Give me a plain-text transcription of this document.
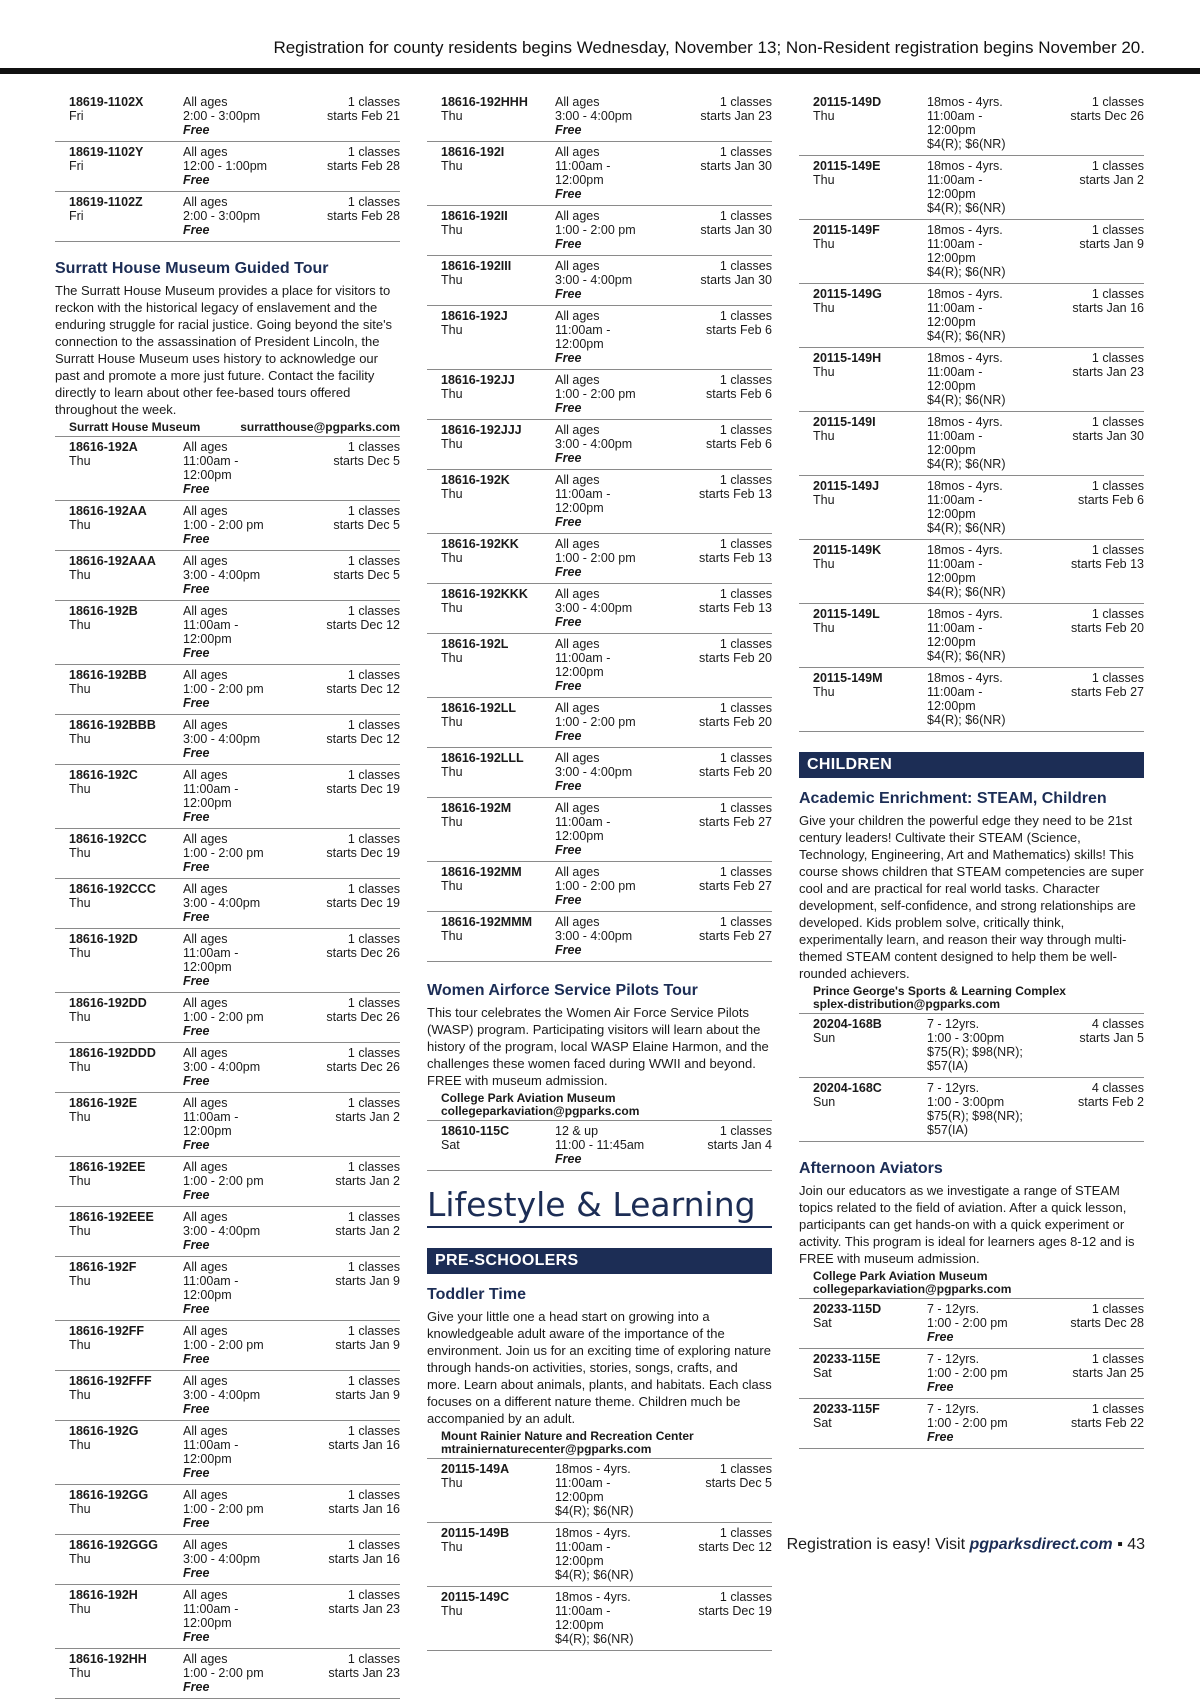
Registration for county residents begins Wednesday, November 13; Non-Resident registration begins November 20.
18619-1102X
Fri
All ages
2:00 - 3:00pm
Free
1 classes
starts Feb 21
18619-1102Y
Fri
All ages
12:00 - 1:00pm
Free
1 classes
starts Feb 28
18619-1102Z
Fri
All ages
2:00 - 3:00pm
Free
1 classes
starts Feb 28
Surratt House Museum Guided Tour
The Surratt House Museum provides a place for visitors to reckon with the historical legacy of enslavement and the enduring struggle for racial justice. Going beyond the site's connection to the assassination of President Lincoln, the Surratt House Museum uses history to acknowledge our past and promote a more just future. Contact the facility directly to learn about other fee-based tours offered throughout the week.
Surratt House Museum	surratthouse@pgparks.com
18616-192A
Thu
All ages
11:00am - 12:00pm
Free
1 classes
starts Dec 5
18616-192AA
Thu
All ages
1:00 - 2:00 pm
Free
1 classes
starts Dec 5
18616-192AAA
Thu
All ages
3:00 - 4:00pm
Free
1 classes
starts Dec 5
18616-192B
Thu
All ages
11:00am - 12:00pm
Free
1 classes
starts Dec 12
18616-192BB
Thu
All ages
1:00 - 2:00 pm
Free
1 classes
starts Dec 12
18616-192BBB
Thu
All ages
3:00 - 4:00pm
Free
1 classes
starts Dec 12
18616-192C
Thu
All ages
11:00am - 12:00pm
Free
1 classes
starts Dec 19
18616-192CC
Thu
All ages
1:00 - 2:00 pm
Free
1 classes
starts Dec 19
18616-192CCC
Thu
All ages
3:00 - 4:00pm
Free
1 classes
starts Dec 19
18616-192D
Thu
All ages
11:00am - 12:00pm
Free
1 classes
starts Dec 26
18616-192DD
Thu
All ages
1:00 - 2:00 pm
Free
1 classes
starts Dec 26
18616-192DDD
Thu
All ages
3:00 - 4:00pm
Free
1 classes
starts Dec 26
18616-192E
Thu
All ages
11:00am - 12:00pm
Free
1 classes
starts Jan 2
18616-192EE
Thu
All ages
1:00 - 2:00 pm
Free
1 classes
starts Jan 2
18616-192EEE
Thu
All ages
3:00 - 4:00pm
Free
1 classes
starts Jan 2
18616-192F
Thu
All ages
11:00am - 12:00pm
Free
1 classes
starts Jan 9
18616-192FF
Thu
All ages
1:00 - 2:00 pm
Free
1 classes
starts Jan 9
18616-192FFF
Thu
All ages
3:00 - 4:00pm
Free
1 classes
starts Jan 9
18616-192G
Thu
All ages
11:00am - 12:00pm
Free
1 classes
starts Jan 16
18616-192GG
Thu
All ages
1:00 - 2:00 pm
Free
1 classes
starts Jan 16
18616-192GGG
Thu
All ages
3:00 - 4:00pm
Free
1 classes
starts Jan 16
18616-192H
Thu
All ages
11:00am - 12:00pm
Free
1 classes
starts Jan 23
18616-192HH
Thu
All ages
1:00 - 2:00 pm
Free
1 classes
starts Jan 23
18616-192HHH
Thu
All ages
3:00 - 4:00pm
Free
1 classes
starts Jan 23
18616-192I
Thu
All ages
11:00am - 12:00pm
Free
1 classes
starts Jan 30
18616-192II
Thu
All ages
1:00 - 2:00 pm
Free
1 classes
starts Jan 30
18616-192III
Thu
All ages
3:00 - 4:00pm
Free
1 classes
starts Jan 30
18616-192J
Thu
All ages
11:00am - 12:00pm
Free
1 classes
starts Feb 6
18616-192JJ
Thu
All ages
1:00 - 2:00 pm
Free
1 classes
starts Feb 6
18616-192JJJ
Thu
All ages
3:00 - 4:00pm
Free
1 classes
starts Feb 6
18616-192K
Thu
All ages
11:00am - 12:00pm
Free
1 classes
starts Feb 13
18616-192KK
Thu
All ages
1:00 - 2:00 pm
Free
1 classes
starts Feb 13
18616-192KKK
Thu
All ages
3:00 - 4:00pm
Free
1 classes
starts Feb 13
18616-192L
Thu
All ages
11:00am - 12:00pm
Free
1 classes
starts Feb 20
18616-192LL
Thu
All ages
1:00 - 2:00 pm
Free
1 classes
starts Feb 20
18616-192LLL
Thu
All ages
3:00 - 4:00pm
Free
1 classes
starts Feb 20
18616-192M
Thu
All ages
11:00am - 12:00pm
Free
1 classes
starts Feb 27
18616-192MM
Thu
All ages
1:00 - 2:00 pm
Free
1 classes
starts Feb 27
18616-192MMM
Thu
All ages
3:00 - 4:00pm
Free
1 classes
starts Feb 27
Women Airforce Service Pilots Tour
This tour celebrates the Women Air Force Service Pilots (WASP) program. Participating visitors will learn about the history of the program, local WASP Elaine Harmon, and the challenges these women faced during WWII and beyond. FREE with museum admission.
College Park Aviation Museum
collegeparkaviation@pgparks.com
18610-115C
Sat
12 & up
11:00 - 11:45am
Free
1 classes
starts Jan 4
Lifestyle & Learning
PRE-SCHOOLERS
Toddler Time
Give your little one a head start on growing into a knowledgeable adult aware of the importance of the environment. Join us for an exciting time of exploring nature through hands-on activities, stories, songs, crafts, and more. Learn about animals, plants, and habitats. Each class focuses on a different nature theme. Children much be accompanied by an adult.
Mount Rainier Nature and Recreation Center
mtrainiernaturecenter@pgparks.com
20115-149A
Thu
18mos - 4yrs.
11:00am - 12:00pm
$4(R); $6(NR)
1 classes
starts Dec 5
20115-149B
Thu
18mos - 4yrs.
11:00am - 12:00pm
$4(R); $6(NR)
1 classes
starts Dec 12
20115-149C
Thu
18mos - 4yrs.
11:00am - 12:00pm
$4(R); $6(NR)
1 classes
starts Dec 19
20115-149D
Thu
18mos - 4yrs.
11:00am - 12:00pm
$4(R); $6(NR)
1 classes
starts Dec 26
20115-149E
Thu
18mos - 4yrs.
11:00am - 12:00pm
$4(R); $6(NR)
1 classes
starts Jan 2
20115-149F
Thu
18mos - 4yrs.
11:00am - 12:00pm
$4(R); $6(NR)
1 classes
starts Jan 9
20115-149G
Thu
18mos - 4yrs.
11:00am - 12:00pm
$4(R); $6(NR)
1 classes
starts Jan 16
20115-149H
Thu
18mos - 4yrs.
11:00am - 12:00pm
$4(R); $6(NR)
1 classes
starts Jan 23
20115-149I
Thu
18mos - 4yrs.
11:00am - 12:00pm
$4(R); $6(NR)
1 classes
starts Jan 30
20115-149J
Thu
18mos - 4yrs.
11:00am - 12:00pm
$4(R); $6(NR)
1 classes
starts Feb 6
20115-149K
Thu
18mos - 4yrs.
11:00am - 12:00pm
$4(R); $6(NR)
1 classes
starts Feb 13
20115-149L
Thu
18mos - 4yrs.
11:00am - 12:00pm
$4(R); $6(NR)
1 classes
starts Feb 20
20115-149M
Thu
18mos - 4yrs.
11:00am - 12:00pm
$4(R); $6(NR)
1 classes
starts Feb 27
CHILDREN
Academic Enrichment: STEAM, Children
Give your children the powerful edge they need to be 21st century leaders! Cultivate their STEAM (Science, Technology, Engineering, Art and Mathematics) skills! This course shows children that STEAM competencies are super cool and are practical for real world tasks. Character development, self-confidence, and strong relationships are developed. Kids problem solve, critically think, experimentally learn, and reason their way through multi-themed STEAM content designed to help them be well-rounded achievers.
Prince George's Sports & Learning Complex
splex-distribution@pgparks.com
20204-168B
Sun
7 - 12yrs.
1:00 - 3:00pm
$75(R); $98(NR); $57(IA)
4 classes
starts Jan 5
20204-168C
Sun
7 - 12yrs.
1:00 - 3:00pm
$75(R); $98(NR); $57(IA)
4 classes
starts Feb 2
Afternoon Aviators
Join our educators as we investigate a range of STEAM topics related to the field of aviation. After a quick lesson, participants can get hands-on with a quick experiment or activity. This program is ideal for learners ages 8-12 and is FREE with museum admission.
College Park Aviation Museum
collegeparkaviation@pgparks.com
20233-115D
Sat
7 - 12yrs.
1:00 - 2:00 pm
Free
1 classes
starts Dec 28
20233-115E
Sat
7 - 12yrs.
1:00 - 2:00 pm
Free
1 classes
starts Jan 25
20233-115F
Sat
7 - 12yrs.
1:00 - 2:00 pm
Free
1 classes
starts Feb 22
Registration is easy! Visit pgparksdirect.com ▪ 43
